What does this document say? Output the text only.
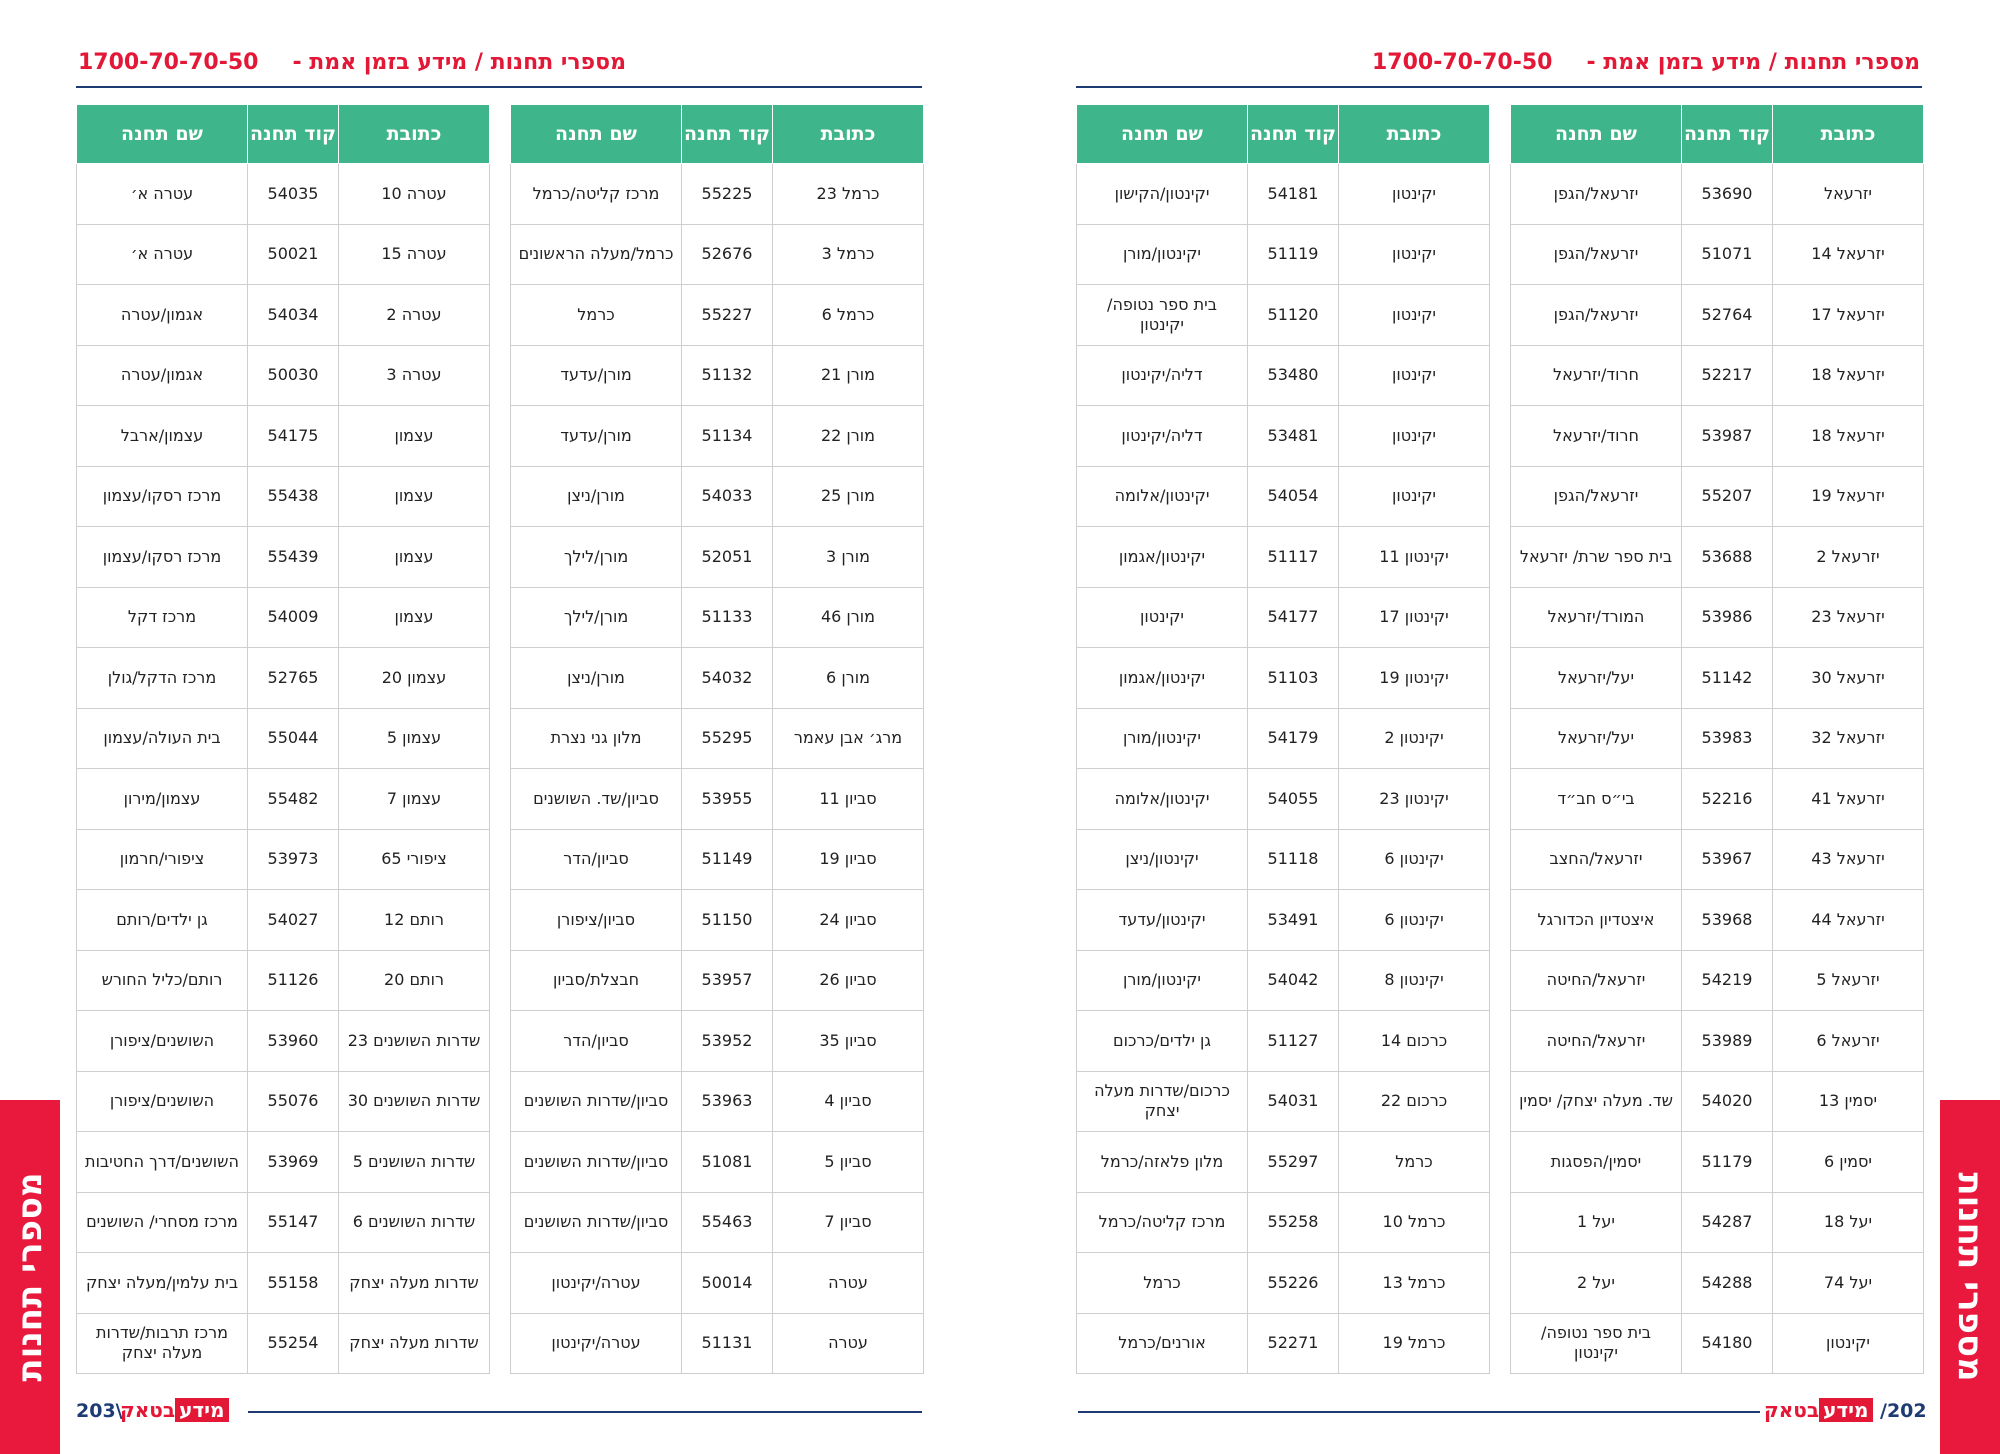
מספרי תחנות / מידע בזמן אמת -
1700-70-70-50
כתובת	קוד תחנה	שם תחנה
כרמל 23	55225	מרכז קליטה/כרמל
כרמל 3	52676	כרמל/מעלה הראשונים
כרמל 6	55227	כרמל
מורן 21	51132	מורן/עדעד
מורן 22	51134	מורן/עדעד
מורן 25	54033	מורן/ניצן
מורן 3	52051	מורן/לילך
מורן 46	51133	מורן/לילך
מורן 6	54032	מורן/ניצן
מרג׳ אבן עאמר	55295	מלון גני נצרת
סביון 11	53955	סביון/שד. השושנים
סביון 19	51149	סביון/הדר
סביון 24	51150	סביון/ציפורן
סביון 26	53957	חבצלת/סביון
סביון 35	53952	סביון/הדר
סביון 4	53963	סביון/שדרות השושנים
סביון 5	51081	סביון/שדרות השושנים
סביון 7	55463	סביון/שדרות השושנים
עטרה	50014	עטרה/יקינטון
עטרה	51131	עטרה/יקינטון
כתובת	קוד תחנה	שם תחנה
עטרה 10	54035	עטרה א׳
עטרה 15	50021	עטרה א׳
עטרה 2	54034	אגמון/עטרה
עטרה 3	50030	אגמון/עטרה
עצמון	54175	עצמון/ארבל
עצמון	55438	מרכז רסקו/עצמון
עצמון	55439	מרכז רסקו/עצמון
עצמון	54009	מרכז דקל
עצמון 20	52765	מרכז הדקל/גולן
עצמון 5	55044	בית העולה/עצמון
עצמון 7	55482	עצמון/מירון
ציפורי 65	53973	ציפורי/חרמון
רותם 12	54027	גן ילדים/רותם
רותם 20	51126	רותם/כליל החורש
שדרות השושנים 23	53960	השושנים/ציפורן
שדרות השושנים 30	55076	השושנים/ציפורן
שדרות השושנים 5	53969	השושנים/דרך החטיבות
שדרות השושנים 6	55147	מרכז מסחרי/ השושנים
שדרות מעלה יצחק	55158	בית עלמין/מעלה יצחק
שדרות מעלה יצחק	55254	מרכז תרבות/שדרות מעלה יצחק
מספרי תחנות
203\	מידעבטאק
מספרי תחנות / מידע בזמן אמת -
1700-70-70-50
כתובת	קוד תחנה	שם תחנה
יזרעאל	53690	יזרעאל/הגפן
יזרעאל 14	51071	יזרעאל/הגפן
יזרעאל 17	52764	יזרעאל/הגפן
יזרעאל 18	52217	חרוד/יזרעאל
יזרעאל 18	53987	חרוד/יזרעאל
יזרעאל 19	55207	יזרעאל/הגפן
יזרעאל 2	53688	בית ספר שרת/ יזרעאל
יזרעאל 23	53986	המורד/יזרעאל
יזרעאל 30	51142	יעל/יזרעאל
יזרעאל 32	53983	יעל/יזרעאל
יזרעאל 41	52216	בי״ס חב״ד
יזרעאל 43	53967	יזרעאל/החצב
יזרעאל 44	53968	איצטדיון הכדורגל
יזרעאל 5	54219	יזרעאל/החיטה
יזרעאל 6	53989	יזרעאל/החיטה
יסמין 13	54020	שד. מעלה יצחק/ יסמין
יסמין 6	51179	יסמין/הפסגות
יעל 18	54287	יעל 1
יעל 74	54288	יעל 2
יקינטון	54180	בית ספר נטופה/ יקינטון
כתובת	קוד תחנה	שם תחנה
יקינטון	54181	יקינטון/הקישון
יקינטון	51119	יקינטון/מורן
יקינטון	51120	בית ספר נטופה/ יקינטון
יקינטון	53480	דליה/יקינטון
יקינטון	53481	דליה/יקינטון
יקינטון	54054	יקינטון/אלומה
יקינטון 11	51117	יקינטון/אגמון
יקינטון 17	54177	יקינטון
יקינטון 19	51103	יקינטון/אגמון
יקינטון 2	54179	יקינטון/מורן
יקינטון 23	54055	יקינטון/אלומה
יקינטון 6	51118	יקינטון/ניצן
יקינטון 6	53491	יקינטון/עדעד
יקינטון 8	54042	יקינטון/מורן
כרכום 14	51127	גן ילדים/כרכום
כרכום 22	54031	כרכום/שדרות מעלה יצחק
כרמל	55297	מלון פלאזה/כרמל
כרמל 10	55258	מרכז קליטה/כרמל
כרמל 13	55226	כרמל
כרמל 19	52271	אורנים/כרמל	מספרי תחנות
מידעבטאק	/202
